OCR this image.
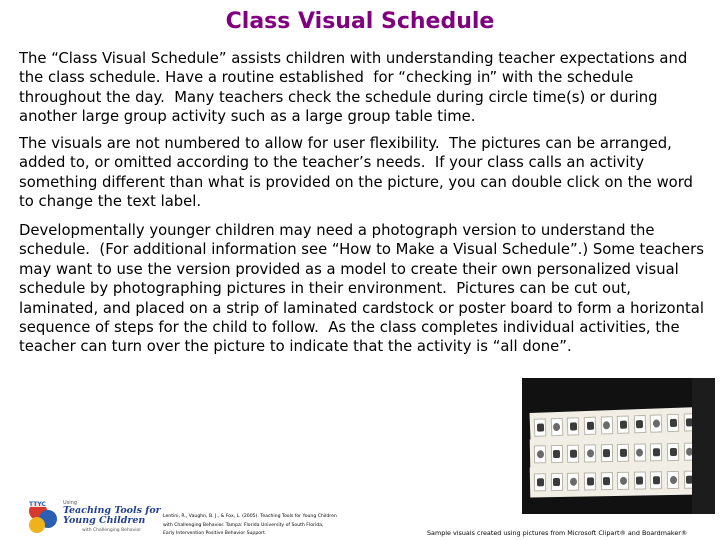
Class Visual Schedule

The “Class Visual Schedule” assists children with understanding teacher expectations and the class schedule. Have a routine established  for “checking in” with the schedule throughout the day.  Many teachers check the schedule during circle time(s) or during another large group activity such as a large group table time.

The visuals are not numbered to allow for user flexibility.  The pictures can be arranged, added to, or omitted according to the teacher’s needs.  If your class calls an activity something different than what is provided on the picture, you can double click on the word to change the text label.

Developmentally younger children may need a photograph version to understand the schedule.  (For additional information see “How to Make a Visual Schedule”.) Some teachers may want to use the version provided as a model to create their own personalized visual schedule by photographing pictures in their environment.  Pictures can be cut out, laminated, and placed on a strip of laminated cardstock or poster board to form a horizontal sequence of steps for the child to follow.  As the class completes individual activities, the teacher can turn over the picture to indicate that the activity is “all done”.

TTYC	Using

Teaching Tools for Young Children

with Challenging Behavior

Lentini, R., Vaughn, B. J., & Fox, L. (2005). Teaching Tools for Young Children
with Challenging Behavior. Tampa: Florida University of South Florida,
Early Intervention Positive Behavior Support.	Sample visuals created using pictures from Microsoft Clipart® and Boardmaker®
